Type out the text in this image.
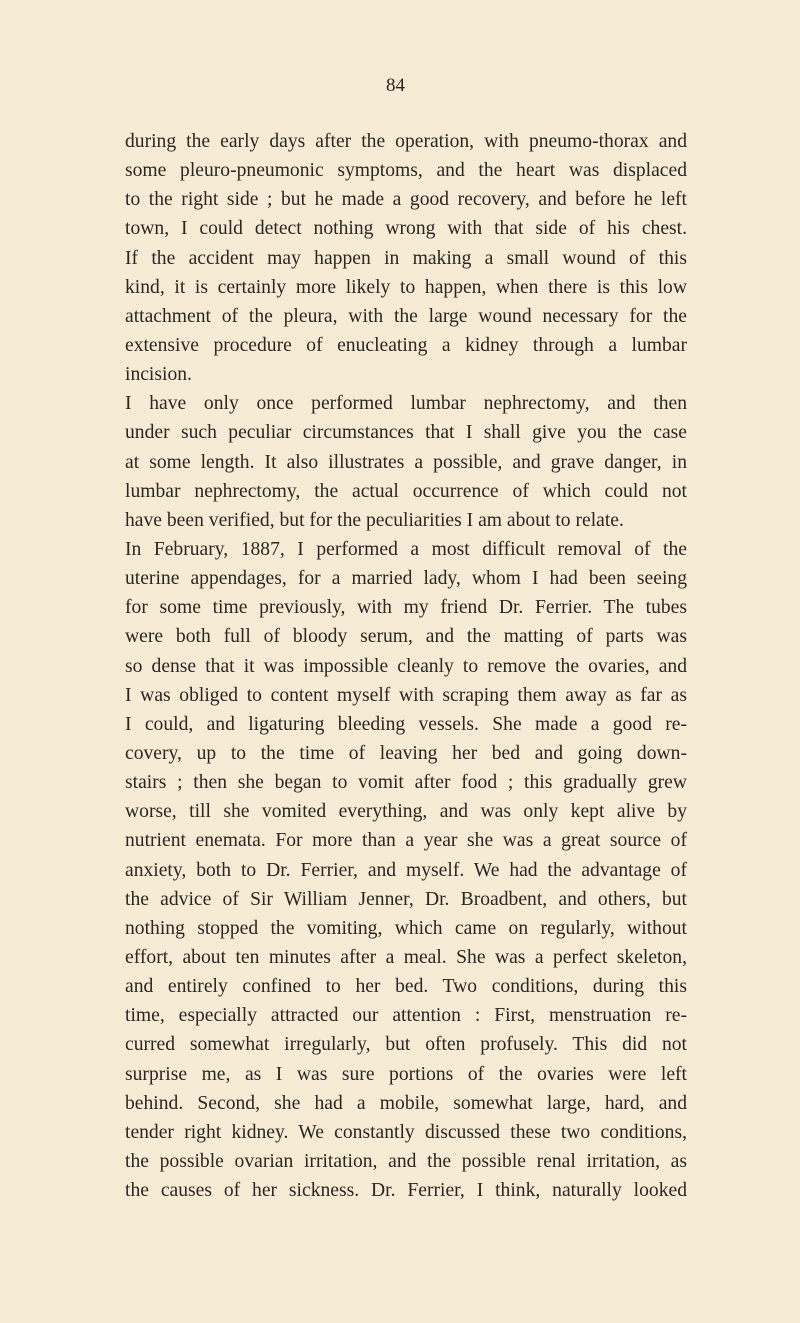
84
during the early days after the operation, with pneumo-thorax and
some pleuro-pneumonic symptoms, and the heart was displaced
to the right side ; but he made a good recovery, and before he left
town, I could detect nothing wrong with that side of his chest.
If the accident may happen in making a small wound of this
kind, it is certainly more likely to happen, when there is this low
attachment of the pleura, with the large wound necessary for the
extensive procedure of enucleating a kidney through a lumbar
incision.
I have only once performed lumbar nephrectomy, and then
under such peculiar circumstances that I shall give you the case
at some length. It also illustrates a possible, and grave danger, in
lumbar nephrectomy, the actual occurrence of which could not
have been verified, but for the peculiarities I am about to relate.
In February, 1887, I performed a most difficult removal of the
uterine appendages, for a married lady, whom I had been seeing
for some time previously, with my friend Dr. Ferrier. The tubes
were both full of bloody serum, and the matting of parts was
so dense that it was impossible cleanly to remove the ovaries, and
I was obliged to content myself with scraping them away as far as
I could, and ligaturing bleeding vessels. She made a good re-
covery, up to the time of leaving her bed and going down-
stairs ; then she began to vomit after food ; this gradually grew
worse, till she vomited everything, and was only kept alive by
nutrient enemata. For more than a year she was a great source of
anxiety, both to Dr. Ferrier, and myself. We had the advantage of
the advice of Sir William Jenner, Dr. Broadbent, and others, but
nothing stopped the vomiting, which came on regularly, without
effort, about ten minutes after a meal. She was a perfect skeleton,
and entirely confined to her bed. Two conditions, during this
time, especially attracted our attention : First, menstruation re-
curred somewhat irregularly, but often profusely. This did not
surprise me, as I was sure portions of the ovaries were left
behind. Second, she had a mobile, somewhat large, hard, and
tender right kidney. We constantly discussed these two conditions,
the possible ovarian irritation, and the possible renal irritation, as
the causes of her sickness. Dr. Ferrier, I think, naturally looked
